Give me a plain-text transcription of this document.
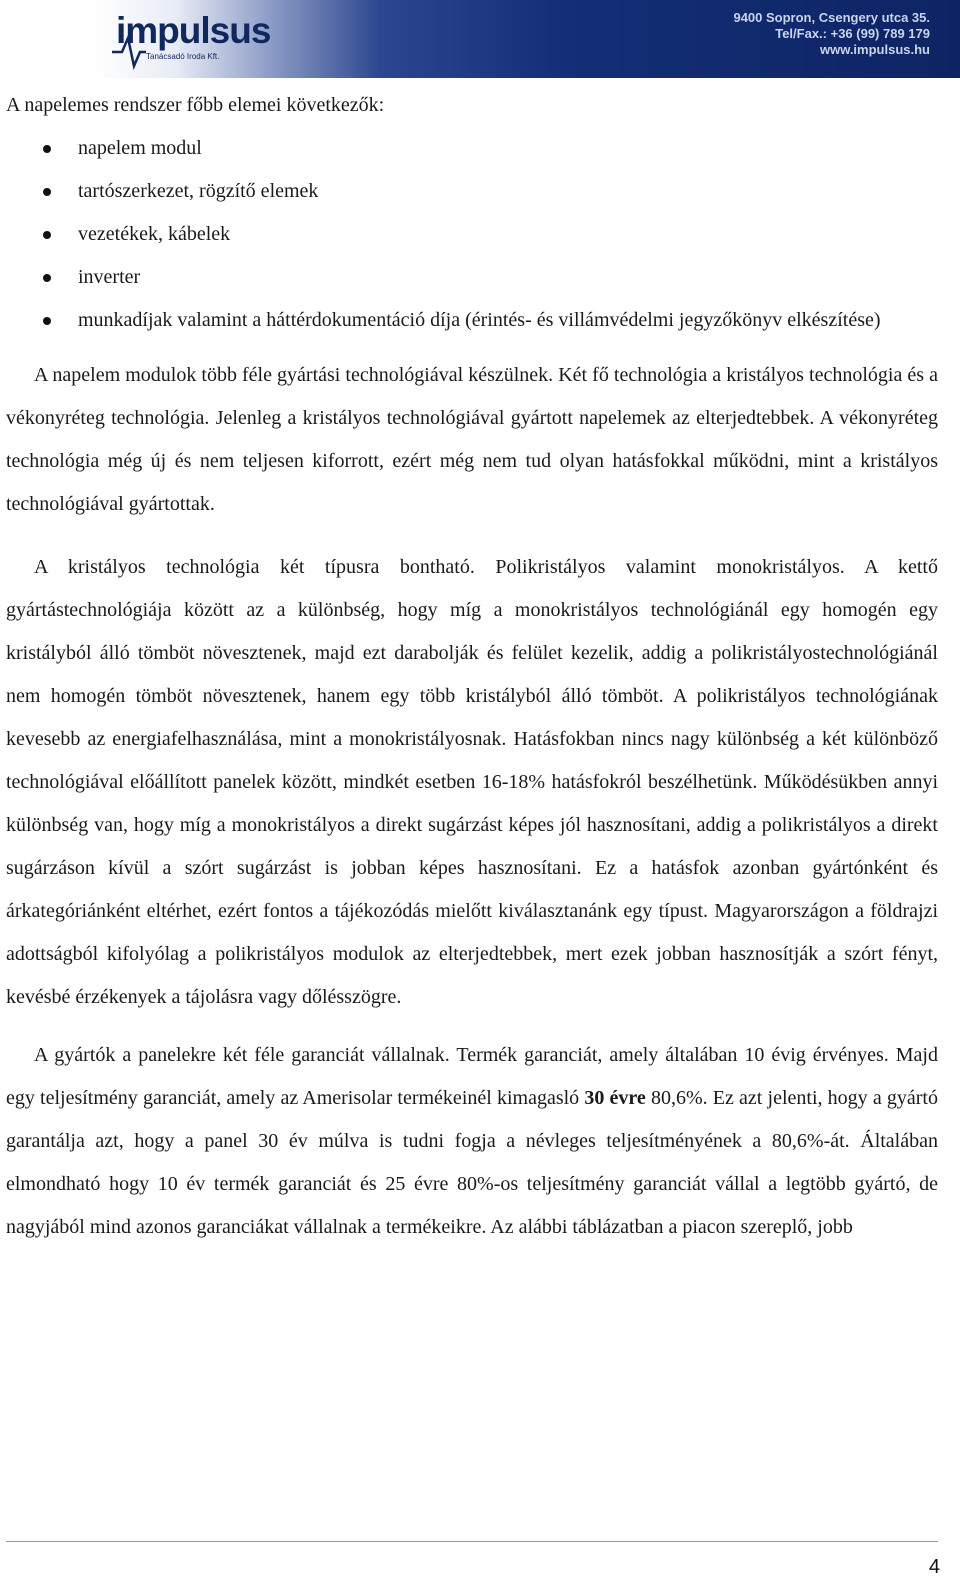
impulsus
Tanácsadó Iroda Kft.
9400 Sopron, Csengery utca 35.
Tel/Fax.: +36 (99) 789 179
www.impulsus.hu

A napelemes rendszer főbb elemei következők:

napelem modul
tartószerkezet, rögzítő elemek
vezetékek, kábelek
inverter
munkadíjak valamint a háttérdokumentáció díja (érintés- és villámvédelmi jegyzőkönyv elkészítése)

A napelem modulok több féle gyártási technológiával készülnek. Két fő technológia a kristályos technológia és a vékonyréteg technológia. Jelenleg a kristályos technológiával gyártott napelemek az elterjedtebbek. A vékonyréteg technológia még új és nem teljesen kiforrott, ezért még nem tud olyan hatásfokkal működni, mint a kristályos technológiával gyártottak.

A kristályos technológia két típusra bontható. Polikristályos valamint monokristályos. A kettő gyártástechnológiája között az a különbség, hogy míg a monokristályos technológiánál egy homogén egy kristályból álló tömböt növesztenek, majd ezt darabolják és felület kezelik, addig a polikristályostechnológiánál nem homogén tömböt növesztenek, hanem egy több kristályból álló tömböt. A polikristályos technológiának kevesebb az energiafelhasználása, mint a monokristályosnak. Hatásfokban nincs nagy különbség a két különböző technológiával előállított panelek között, mindkét esetben 16-18% hatásfokról beszélhetünk. Működésükben annyi különbség van, hogy míg a monokristályos a direkt sugárzást képes jól hasznosítani, addig a polikristályos a direkt sugárzáson kívül a szórt sugárzást is jobban képes hasznosítani. Ez a hatásfok azonban gyártónként és árkategóriánként eltérhet, ezért fontos a tájékozódás mielőtt kiválasztanánk egy típust. Magyarországon a földrajzi adottságból kifolyólag a polikristályos modulok az elterjedtebbek, mert ezek jobban hasznosítják a szórt fényt, kevésbé érzékenyek a tájolásra vagy dőlésszögre.

A gyártók a panelekre két féle garanciát vállalnak. Termék garanciát, amely általában 10 évig érvényes. Majd egy teljesítmény garanciát, amely az Amerisolar termékeinél kimagasló 30 évre 80,6%. Ez azt jelenti, hogy a gyártó garantálja azt, hogy a panel 30 év múlva is tudni fogja a névleges teljesítményének a 80,6%-át. Általában elmondható hogy 10 év termék garanciát és 25 évre 80%-os teljesítmény garanciát vállal a legtöbb gyártó, de nagyjából mind azonos garanciákat vállalnak a termékeikre. Az alábbi táblázatban a piacon szereplő, jobb

4
